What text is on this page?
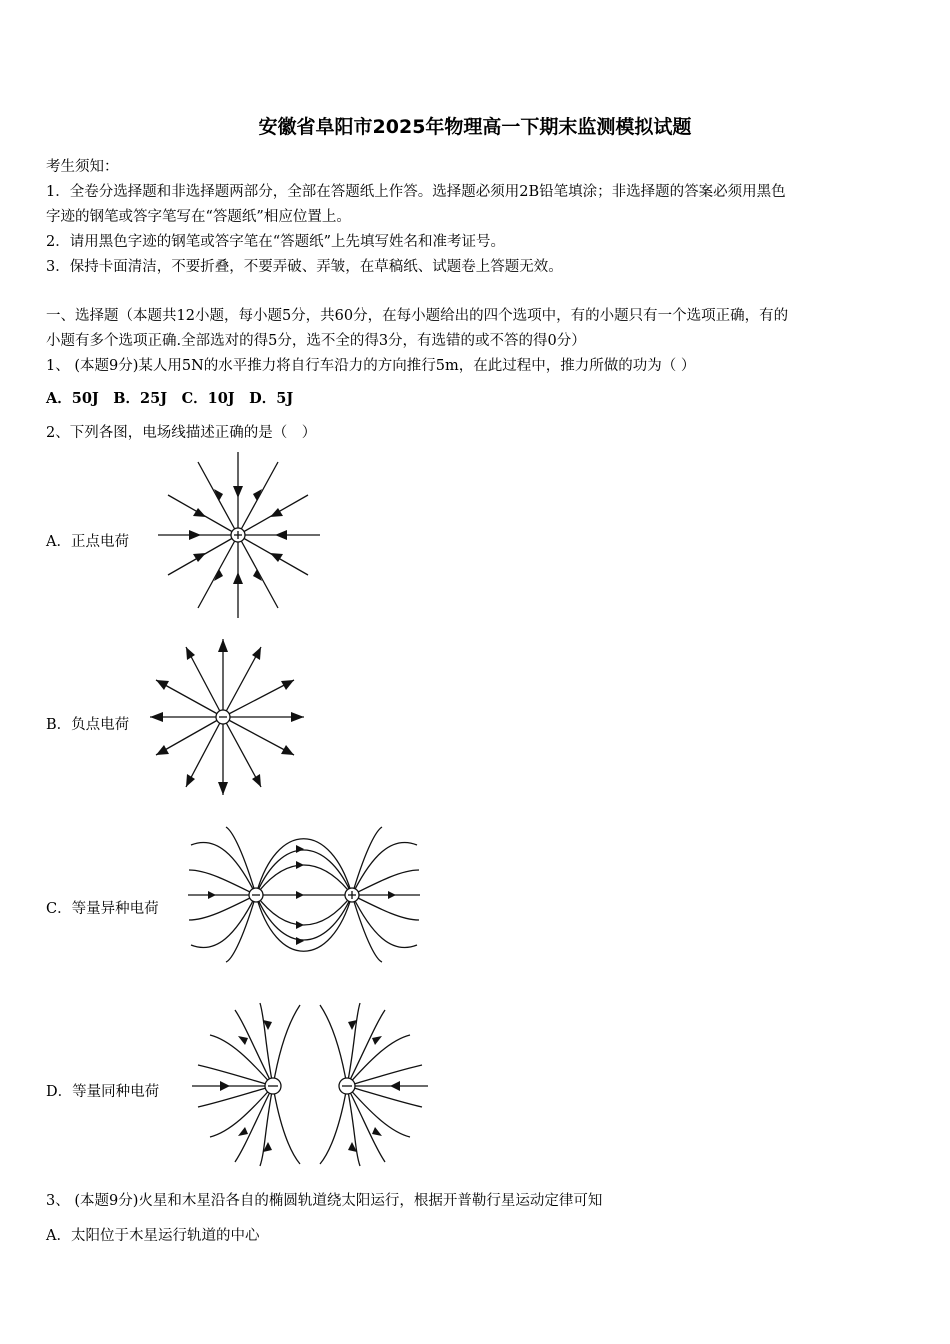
安徽省阜阳市2025年物理高一下期末监测模拟试题
考生须知：
1．全卷分选择题和非选择题两部分，全部在答题纸上作答。选择题必须用2B铅笔填涂；非选择题的答案必须用黑色
字迹的钢笔或答字笔写在“答题纸”相应位置上。
2．请用黑色字迹的钢笔或答字笔在“答题纸”上先填写姓名和准考证号。
3．保持卡面清洁，不要折叠，不要弄破、弄皱，在草稿纸、试题卷上答题无效。
一、选择题（本题共12小题，每小题5分，共60分，在每小题给出的四个选项中，有的小题只有一个选项正确，有的
小题有多个选项正确.全部选对的得5分，选不全的得3分，有选错的或不答的得0分）
1、 (本题9分)某人用5N的水平推力将自行车沿力的方向推行5m，在此过程中，推力所做的功为（ ）
A．50J　B．25J　C．10J　D．5J
2、下列各图，电场线描述正确的是（　）
A．正点电荷
B．负点电荷
C．等量异种电荷
D．等量同种电荷
3、 (本题9分)火星和木星沿各自的椭圆轨道绕太阳运行，根据开普勒行星运动定律可知
A．太阳位于木星运行轨道的中心
